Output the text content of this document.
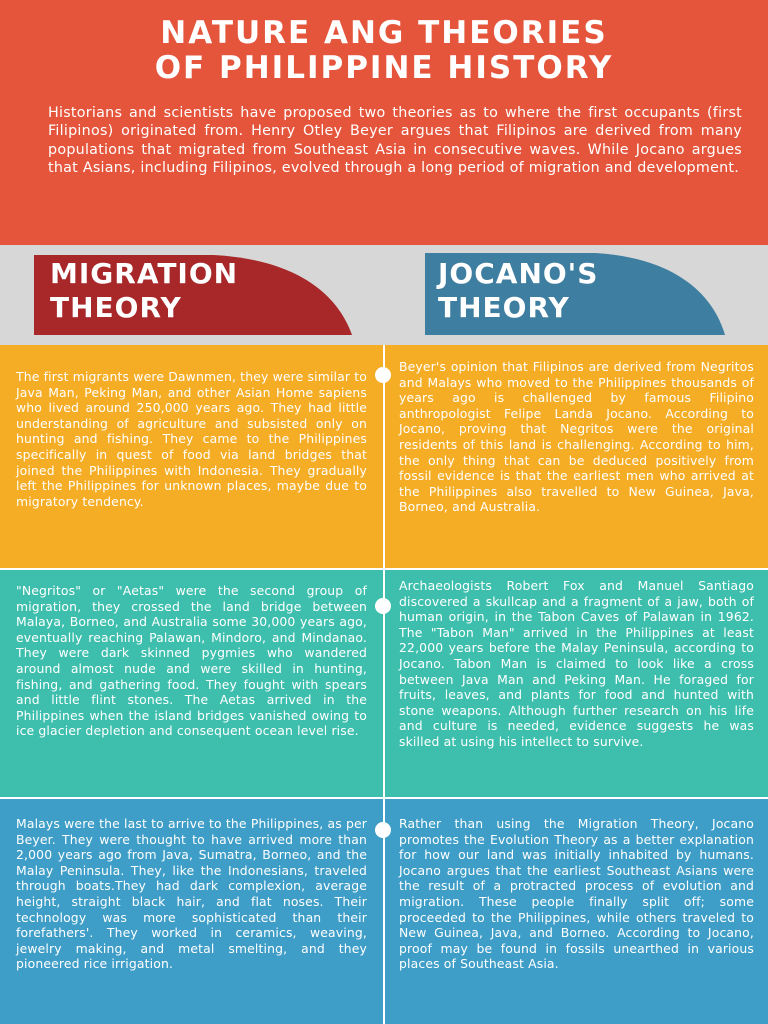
NATURE ANG THEORIES
OF PHILIPPINE HISTORY
Historians and scientists have proposed two theories as to where the first occupants (first Filipinos) originated from. Henry Otley Beyer argues that Filipinos are derived from many populations that migrated from Southeast Asia in consecutive waves. While Jocano argues that Asians, including Filipinos, evolved through a long period of migration and development.
MIGRATION
THEORY
JOCANO'S
THEORY

The first migrants were Dawnmen, they were similar to Java Man, Peking Man, and other Asian Home sapiens who lived around 250,000 years ago. They had little understanding of agriculture and subsisted only on hunting and fishing. They came to the Philippines specifically in quest of food via land bridges that joined the Philippines with Indonesia. They gradually left the Philippines for unknown places, maybe due to migratory tendency.

Beyer's opinion that Filipinos are derived from Negritos and Malays who moved to the Philippines thousands of years ago is challenged by famous Filipino anthropologist Felipe Landa Jocano. According to Jocano, proving that Negritos were the original residents of this land is challenging. According to him, the only thing that can be deduced positively from fossil evidence is that the earliest men who arrived at the Philippines also travelled to New Guinea, Java, Borneo, and Australia.

"Negritos" or "Aetas" were the second group of migration, they crossed the land bridge between Malaya, Borneo, and Australia some 30,000 years ago, eventually reaching Palawan, Mindoro, and Mindanao. They were dark skinned pygmies who wandered around almost nude and were skilled in hunting, fishing, and gathering food. They fought with spears and little flint stones. The Aetas arrived in the Philippines when the island bridges vanished owing to ice glacier depletion and consequent ocean level rise.

Archaeologists Robert Fox and Manuel Santiago discovered a skullcap and a fragment of a jaw, both of human origin, in the Tabon Caves of Palawan in 1962. The "Tabon Man" arrived in the Philippines at least 22,000 years before the Malay Peninsula, according to Jocano. Tabon Man is claimed to look like a cross between Java Man and Peking Man. He foraged for fruits, leaves, and plants for food and hunted with stone weapons. Although further research on his life and culture is needed, evidence suggests he was skilled at using his intellect to survive.

Malays were the last to arrive to the Philippines, as per Beyer. They were thought to have arrived more than 2,000 years ago from Java, Sumatra, Borneo, and the Malay Peninsula. They, like the Indonesians, traveled through boats.They had dark complexion, average height, straight black hair, and flat noses. Their technology was more sophisticated than their forefathers'. They worked in ceramics, weaving, jewelry making, and metal smelting, and they pioneered rice irrigation.

Rather than using the Migration Theory, Jocano promotes the Evolution Theory as a better explanation for how our land was initially inhabited by humans. Jocano argues that the earliest Southeast Asians were the result of a protracted process of evolution and migration. These people finally split off; some proceeded to the Philippines, while others traveled to New Guinea, Java, and Borneo. According to Jocano, proof may be found in fossils unearthed in various places of Southeast Asia.
